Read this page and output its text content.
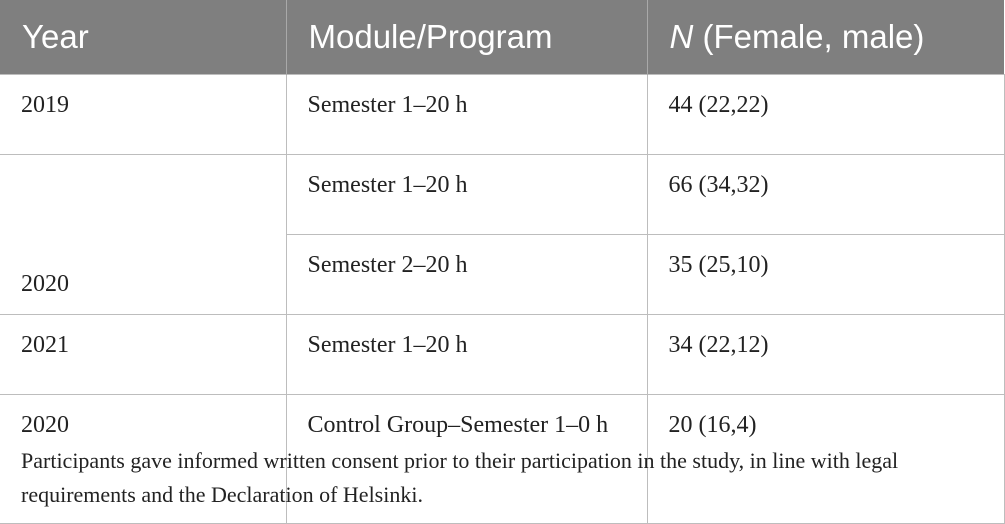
Year	Module/Program	N (Female, male)
2019	Semester 1–20 h	44 (22,22)
2020	Semester 1–20 h	66 (34,32)
	Semester 2–20 h	35 (25,10)
2021	Semester 1–20 h	34 (22,12)

2020	Control Group–Semester 1–0 h	20 (16,4)
Participants gave informed written consent prior to their participation in the study, in line with legal requirements and the Declaration of Helsinki.
